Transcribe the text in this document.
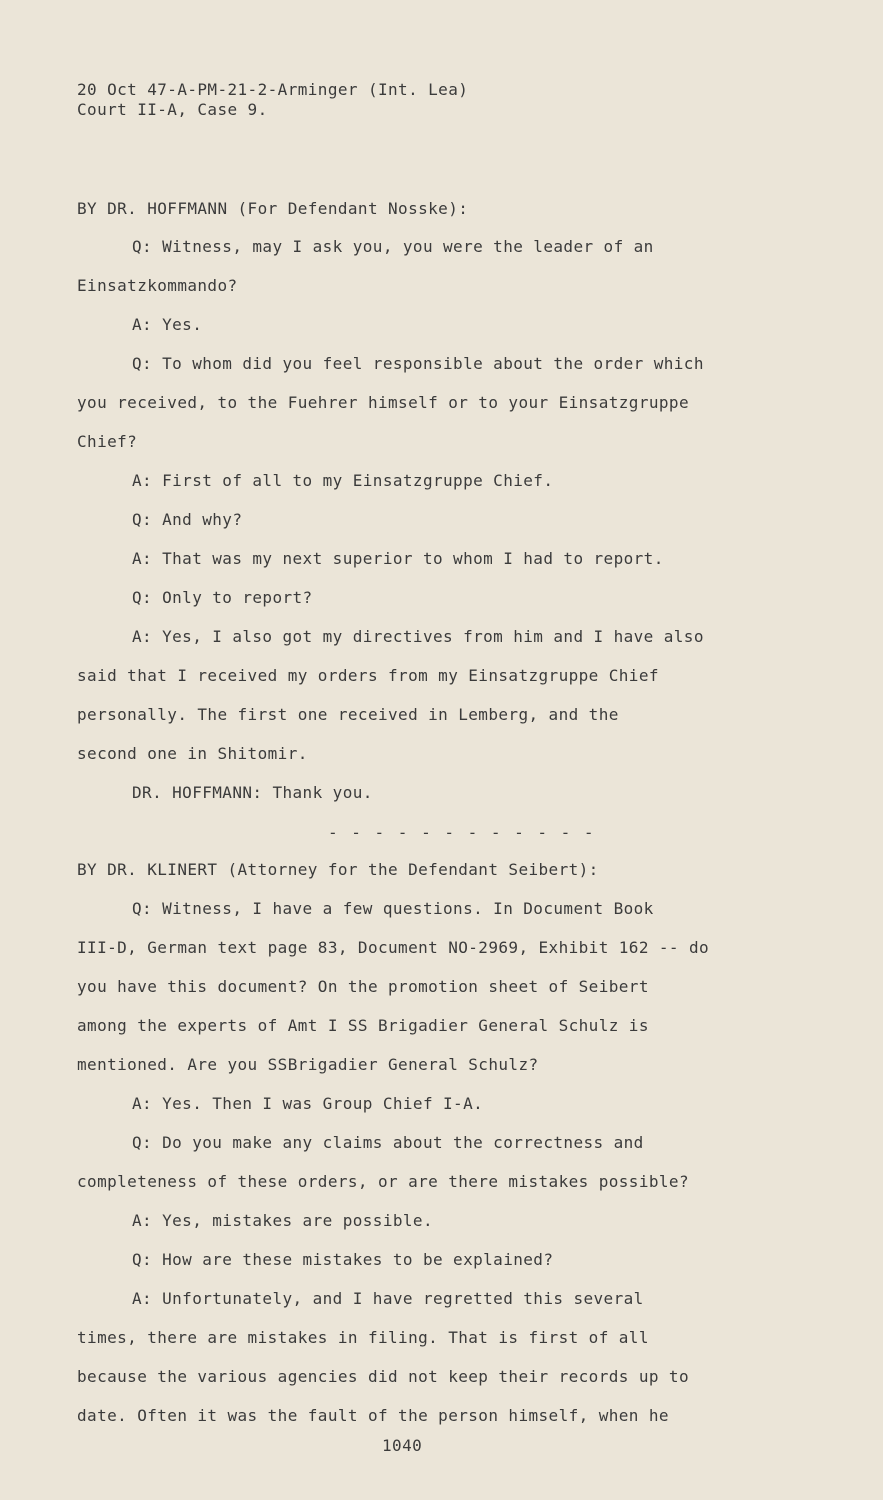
20 Oct 47-A-PM-21-2-Arminger (Int. Lea)
Court II-A, Case 9.
BY DR. HOFFMANN (For Defendant Nosske):
Q: Witness, may I ask you, you were the leader of an
Einsatzkommando?
A: Yes.
Q: To whom did you feel responsible about the order which
you received, to the Fuehrer himself or to your Einsatzgruppe
Chief?
A: First of all to my Einsatzgruppe Chief.
Q: And why?
A: That was my next superior to whom I had to report.
Q: Only to report?
A: Yes, I also got my directives from him and I have also
said that I received my orders from my Einsatzgruppe Chief
personally. The first one received in Lemberg, and the
second one in Shitomir.
DR. HOFFMANN: Thank you.
- - - - - - - - - - - -
BY DR. KLINERT (Attorney for the Defendant Seibert):
Q: Witness, I have a few questions. In Document Book
III-D, German text page 83, Document NO-2969, Exhibit 162 -- do
you have this document? On the promotion sheet of Seibert
among the experts of Amt I SS Brigadier General Schulz is
mentioned. Are you SSBrigadier General Schulz?
A: Yes. Then I was Group Chief I-A.
Q: Do you make any claims about the correctness and
completeness of these orders, or are there mistakes possible?
A: Yes, mistakes are possible.
Q: How are these mistakes to be explained?
A: Unfortunately, and I have regretted this several
times, there are mistakes in filing. That is first of all
because the various agencies did not keep their records up to
date. Often it was the fault of the person himself, when he
1040
